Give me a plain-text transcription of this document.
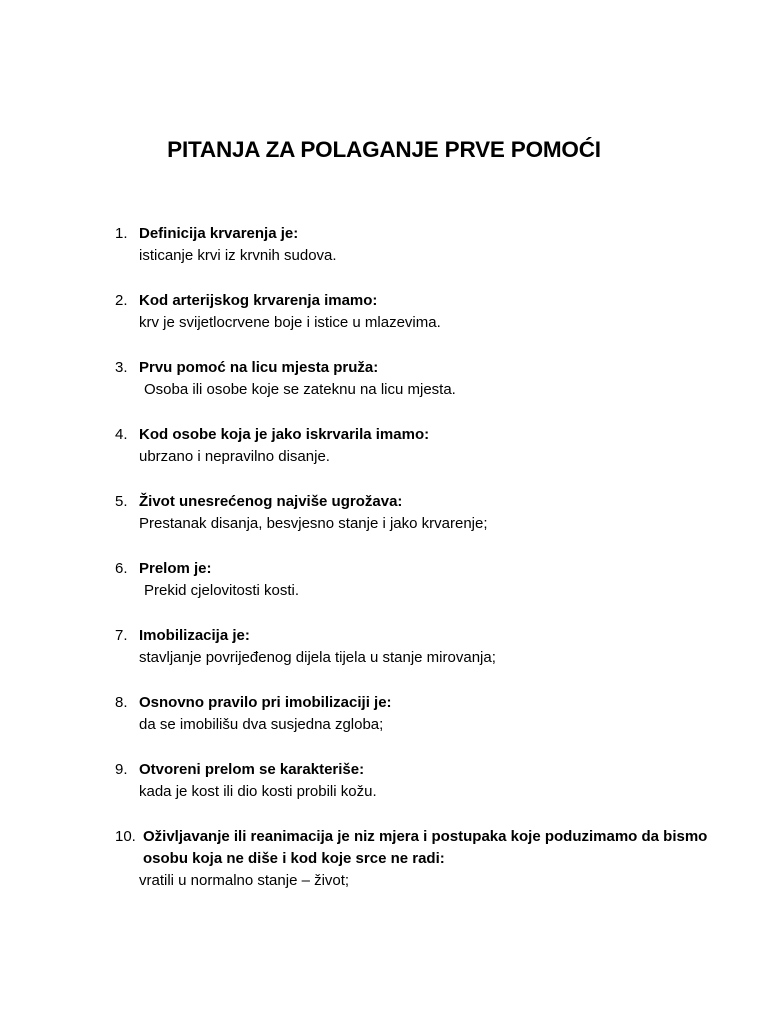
PITANJA ZA POLAGANJE PRVE POMOĆI
1. Definicija krvarenja je:
isticanje krvi iz krvnih sudova.
2. Kod arterijskog krvarenja imamo:
krv je svijetlocrvene boje i istice u mlazevima.
3. Prvu pomoć na licu mjesta pruža:
Osoba ili osobe koje se zateknu na licu mjesta.
4. Kod osobe koja je jako iskrvarila imamo:
ubrzano i nepravilno disanje.
5. Život unesrećenog najviše ugrožava:
Prestanak disanja, besvjesno stanje i jako krvarenje;
6. Prelom je:
Prekid cjelovitosti kosti.
7. Imobilizacija je:
stavljanje povrijeđenog dijela tijela u stanje mirovanja;
8. Osnovno pravilo pri imobilizaciji je:
da se imobilišu dva susjedna zgloba;
9. Otvoreni prelom se karakteriše:
kada je kost ili dio kosti probili kožu.
10. Oživljavanje ili reanimacija je niz mjera i postupaka koje poduzimamo da bismo osobu koja ne diše i kod koje srce ne radi:
vratili u normalno stanje – život;
